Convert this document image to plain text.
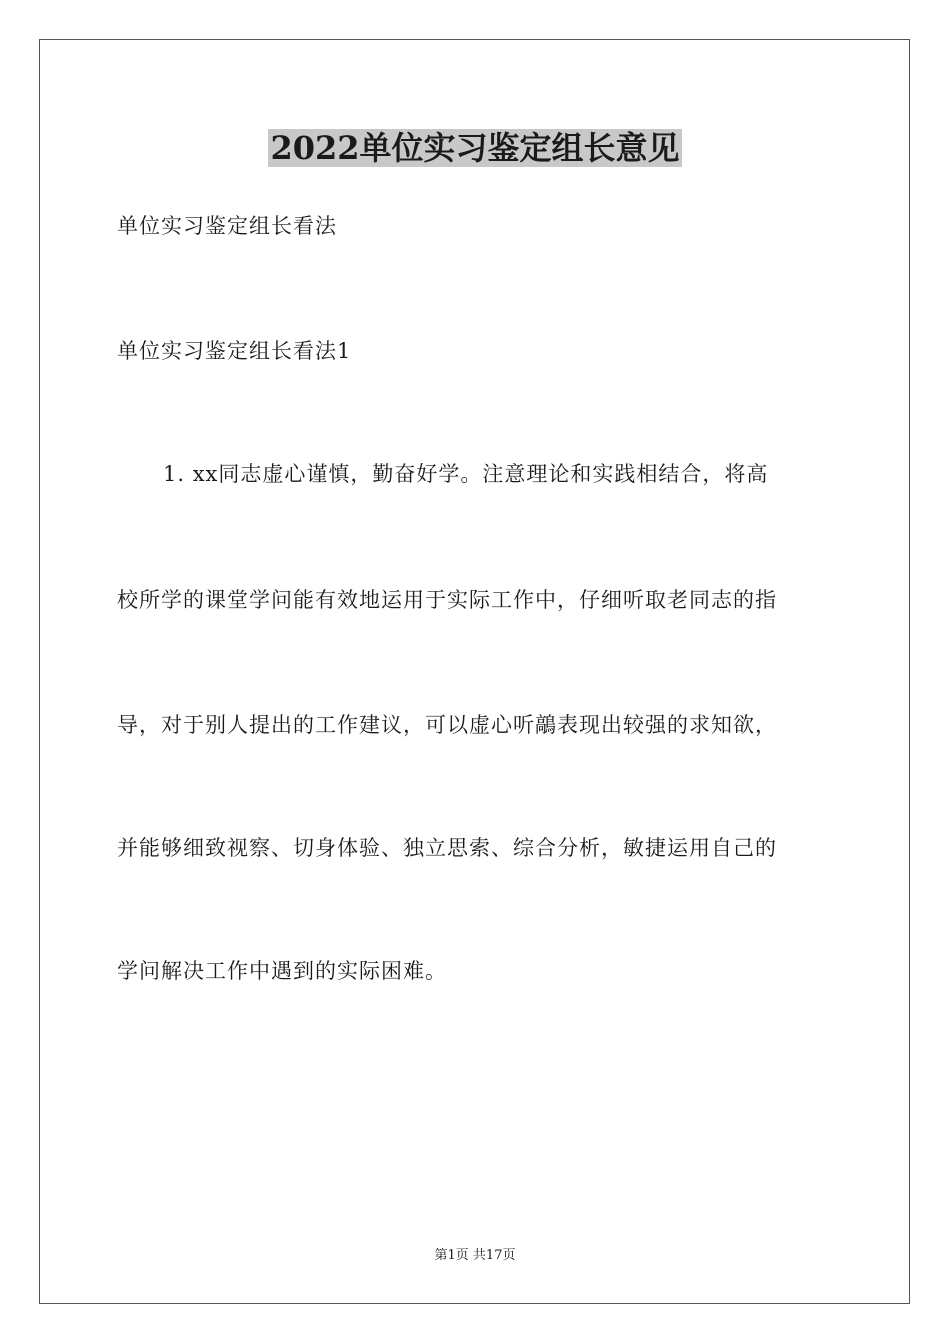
2022单位实习鉴定组长意见
单位实习鉴定组长看法
单位实习鉴定组长看法1
1. xx同志虚心谨慎，勤奋好学。注意理论和实践相结合，将高
校所学的课堂学问能有效地运用于实际工作中，仔细听取老同志的指
导，对于别人提出的工作建议，可以虚心听鶮表现出较强的求知欲，
并能够细致视察、切身体验、独立思索、综合分析，敏捷运用自己的
学问解决工作中遇到的实际困难。
第1页 共17页
